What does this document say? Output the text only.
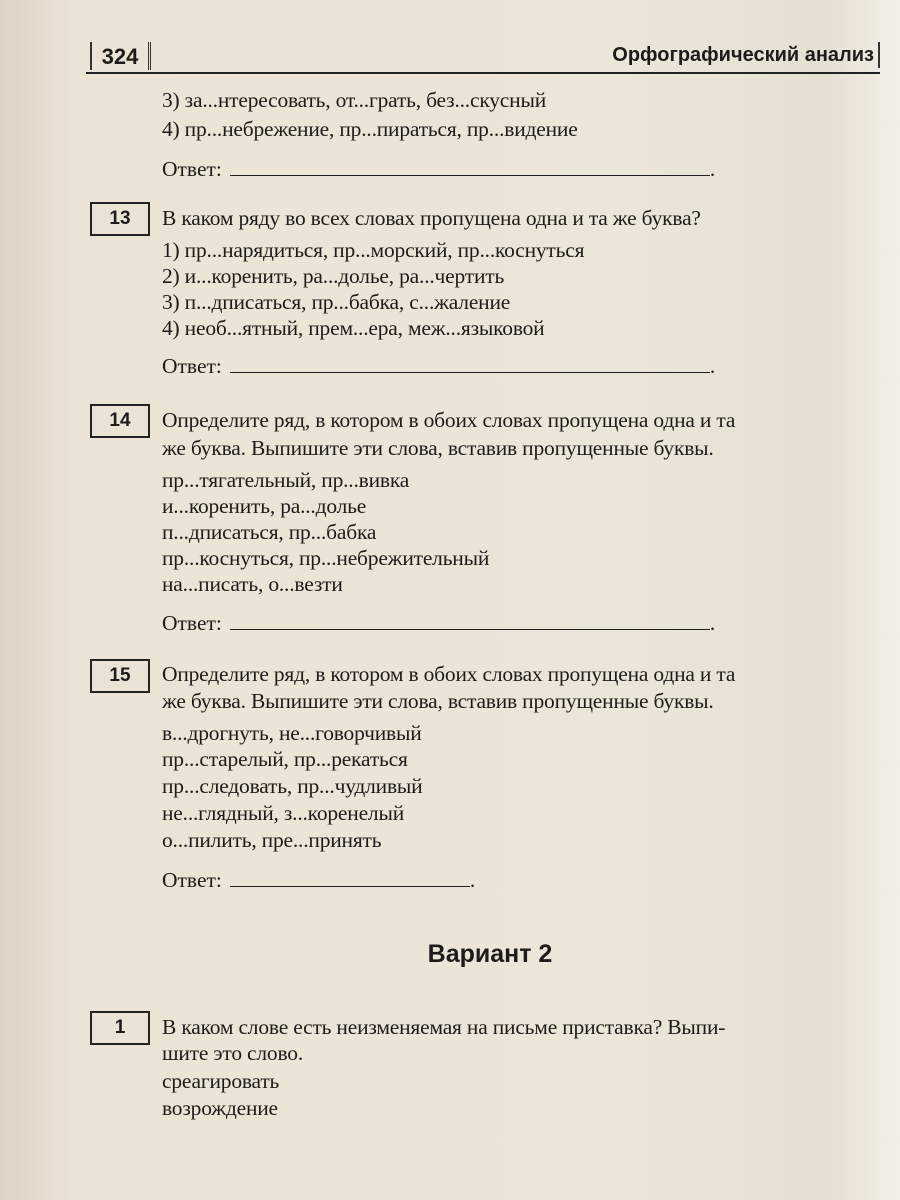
324	Орфографический анализ
3) за...нтересовать, от...грать, без...скусный
4) пр...небрежение, пр...пираться, пр...видение
Ответ:	.
13	В каком ряду во всех словах пропущена одна и та же буква?
1) пр...нарядиться, пр...морский, пр...коснуться
2) и...коренить, ра...долье, ра...чертить
3) п...дписаться, пр...бабка, с...жаление
4) необ...ятный, прем...ера, меж...языковой
Ответ:	.
14	Определите ряд, в котором в обоих словах пропущена одна и та
же буква. Выпишите эти слова, вставив пропущенные буквы.
пр...тягательный, пр...вивка
и...коренить, ра...долье
п...дписаться, пр...бабка
пр...коснуться, пр...небрежительный
на...писать, о...везти
Ответ:	.
15	Определите ряд, в котором в обоих словах пропущена одна и та
же буква. Выпишите эти слова, вставив пропущенные буквы.
в...дрогнуть, не...говорчивый
пр...старелый, пр...рекаться
пр...следовать, пр...чудливый
не...глядный, з...коренелый
о...пилить, пре...принять
Ответ:	.
Вариант 2
1	В каком слове есть неизменяемая на письме приставка? Выпи-
шите это слово.
среагировать
возрождение
